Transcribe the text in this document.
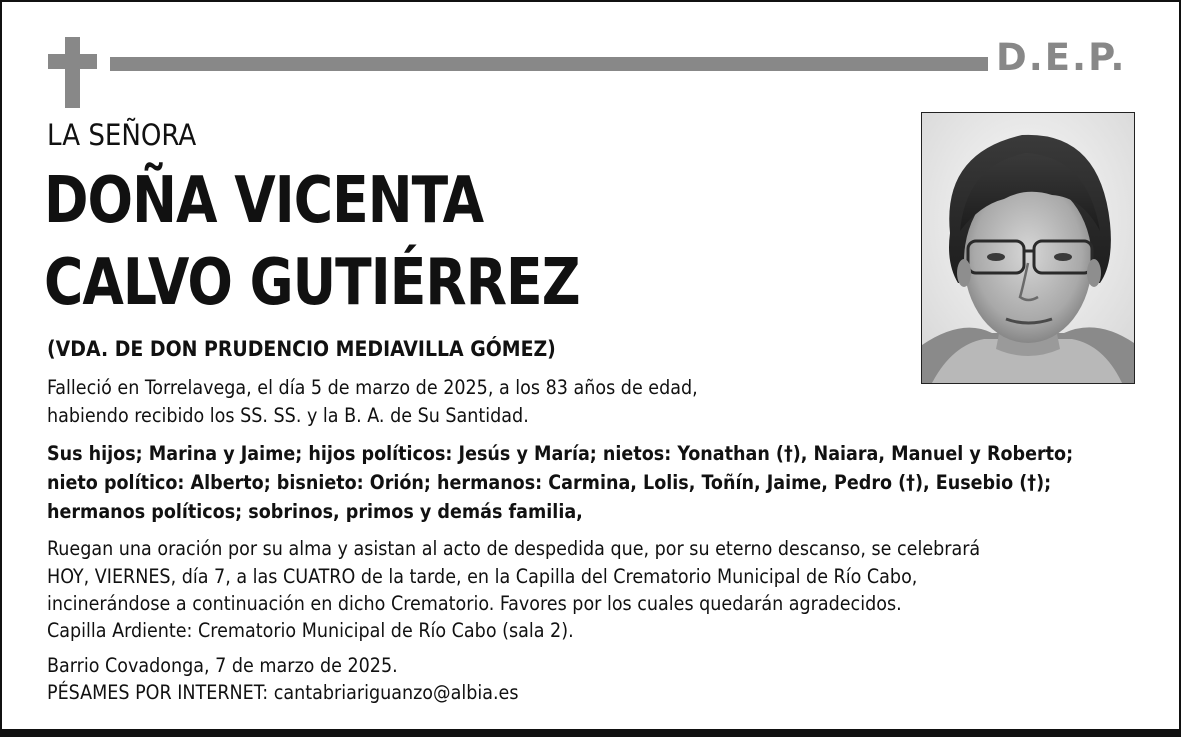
D.E.P.
LA SEÑORA
DOÑA VICENTA
CALVO GUTIÉRREZ
(VDA. DE DON PRUDENCIO MEDIAVILLA GÓMEZ)
Falleció en Torrelavega, el día 5 de marzo de 2025, a los 83 años de edad,
habiendo recibido los SS. SS. y la B. A. de Su Santidad.
Sus hijos; Marina y Jaime; hijos políticos: Jesús y María; nietos: Yonathan (†), Naiara, Manuel y Roberto;
nieto político: Alberto; bisnieto: Orión; hermanos: Carmina, Lolis, Toñín, Jaime, Pedro (†), Eusebio (†);
hermanos políticos; sobrinos, primos y demás familia,
Ruegan una oración por su alma y asistan al acto de despedida que, por su eterno descanso, se celebrará
HOY, VIERNES, día 7, a las CUATRO de la tarde, en la Capilla del Crematorio Municipal de Río Cabo,
incinerándose a continuación en dicho Crematorio. Favores por los cuales quedarán agradecidos.
Capilla Ardiente: Crematorio Municipal de Río Cabo (sala 2).
Barrio Covadonga, 7 de marzo de 2025.
PÉSAMES POR INTERNET: cantabriariguanzo@albia.es
